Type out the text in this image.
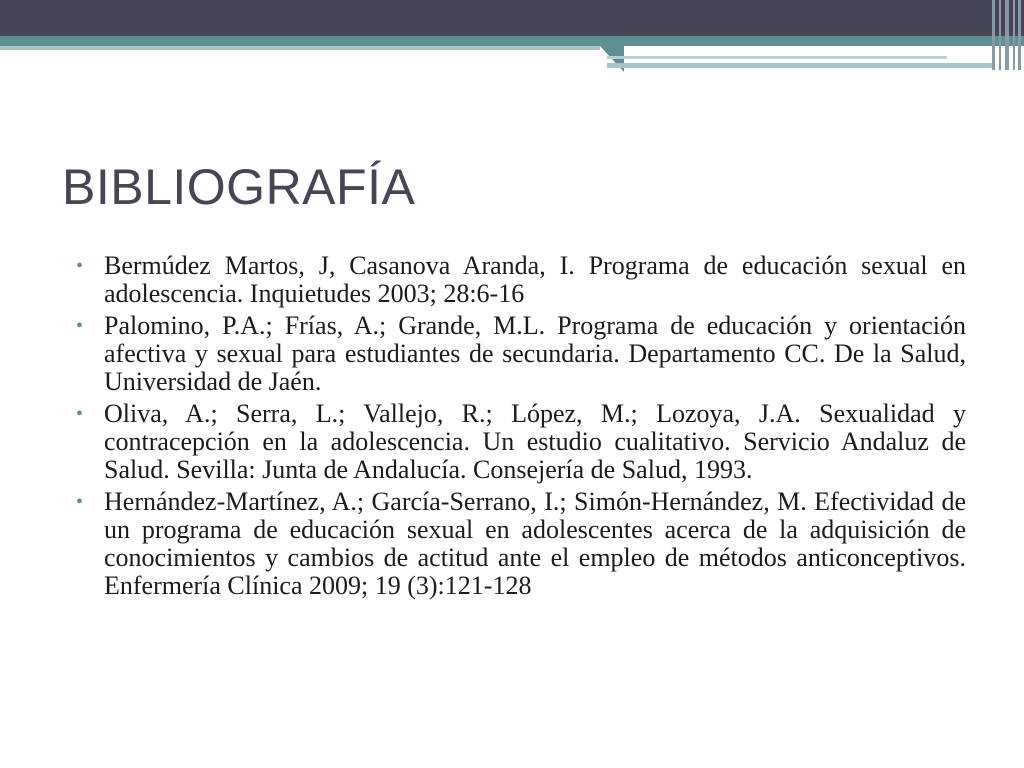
BIBLIOGRAFÍA
• Bermúdez Martos, J, Casanova Aranda, I. Programa de educación sexual en adolescencia. Inquietudes 2003; 28:6-16
• Palomino, P.A.; Frías, A.; Grande, M.L. Programa de educación y orientación afectiva y sexual para estudiantes de secundaria. Departamento CC. De la Salud, Universidad de Jaén.
• Oliva, A.; Serra, L.; Vallejo, R.; López, M.; Lozoya, J.A. Sexualidad y contracepción en la adolescencia. Un estudio cualitativo. Servicio Andaluz de Salud. Sevilla: Junta de Andalucía. Consejería de Salud, 1993.
• Hernández-Martínez, A.; García-Serrano, I.; Simón-Hernández, M. Efectividad de un programa de educación sexual en adolescentes acerca de la adquisición de conocimientos y cambios de actitud ante el empleo de métodos anticonceptivos. Enfermería Clínica 2009; 19 (3):121-128
